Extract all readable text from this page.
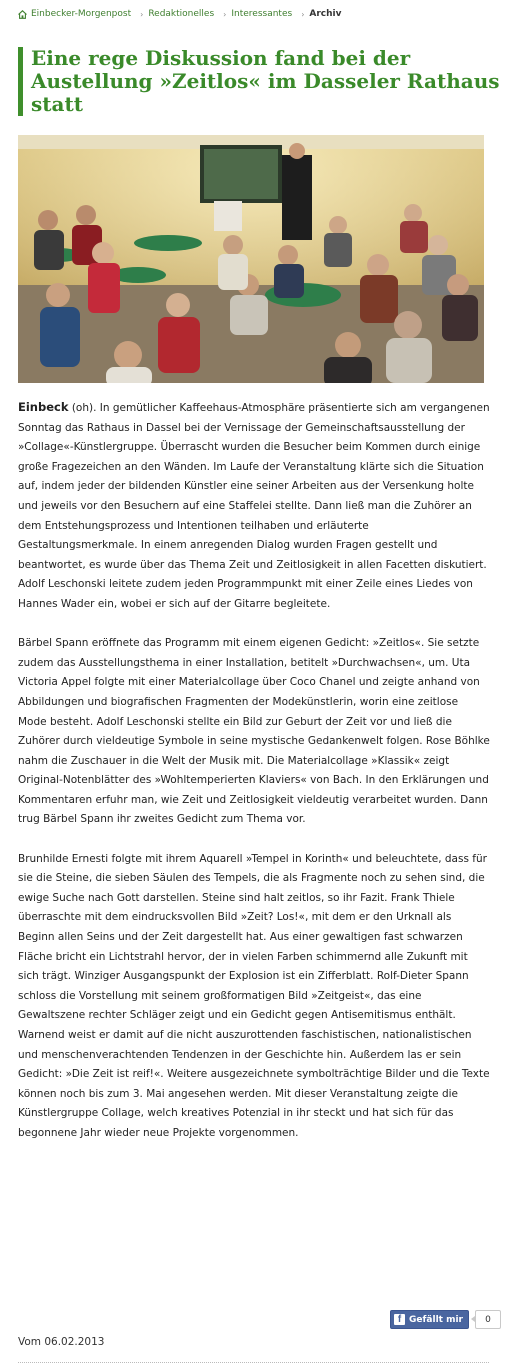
Einbecker-Morgenpost › Redaktionelles › Interessantes › Archiv
Eine rege Diskussion fand bei der Austellung »Zeitlos« im Dasseler Rathaus statt

Einbeck (oh). In gemütlicher Kaffeehaus-Atmosphäre präsentierte sich am vergangenen Sonntag das Rathaus in Dassel bei der Vernissage der Gemeinschaftsausstellung der »Collage«-Künstlergruppe. Überrascht wurden die Besucher beim Kommen durch einige große Fragezeichen an den Wänden. Im Laufe der Veranstaltung klärte sich die Situation auf, indem jeder der bildenden Künstler eine seiner Arbeiten aus der Versenkung holte und jeweils vor den Besuchern auf eine Staffelei stellte. Dann ließ man die Zuhörer an dem Entstehungsprozess und Intentionen teilhaben und erläuterte Gestaltungsmerkmale. In einem anregenden Dialog wurden Fragen gestellt und beantwortet, es wurde über das Thema Zeit und Zeitlosigkeit in allen Facetten diskutiert. Adolf Leschonski leitete zudem jeden Programmpunkt mit einer Zeile eines Liedes von Hannes Wader ein, wobei er sich auf der Gitarre begleitete.

Bärbel Spann eröffnete das Programm mit einem eigenen Gedicht: »Zeitlos«. Sie setzte zudem das Ausstellungsthema in einer Installation, betitelt »Durchwachsen«, um. Uta Victoria Appel folgte mit einer Materialcollage über Coco Chanel und zeigte anhand von Abbildungen und biografischen Fragmenten der Modekünstlerin, worin eine zeitlose Mode besteht. Adolf Leschonski stellte ein Bild zur Geburt der Zeit vor und ließ die Zuhörer durch vieldeutige Symbole in seine mystische Gedankenwelt folgen. Rose Böhlke nahm die Zuschauer in die Welt der Musik mit. Die Materialcollage »Klassik« zeigt Original-Notenblätter des »Wohltemperierten Klaviers« von Bach. In den Erklärungen und Kommentaren erfuhr man, wie Zeit und Zeitlosigkeit vieldeutig verarbeitet wurden. Dann trug Bärbel Spann ihr zweites Gedicht zum Thema vor.

Brunhilde Ernesti folgte mit ihrem Aquarell »Tempel in Korinth« und beleuchtete, dass für sie die Steine, die sieben Säulen des Tempels, die als Fragmente noch zu sehen sind, die ewige Suche nach Gott darstellen. Steine sind halt zeitlos, so ihr Fazit. Frank Thiele überraschte mit dem eindrucksvollen Bild »Zeit? Los!«, mit dem er den Urknall als Beginn allen Seins und der Zeit dargestellt hat. Aus einer gewaltigen fast schwarzen Fläche bricht ein Lichtstrahl hervor, der in vielen Farben schimmernd alle Zukunft mit sich trägt. Winziger Ausgangspunkt der Explosion ist ein Zifferblatt. Rolf-Dieter Spann schloss die Vorstellung mit seinem großformatigen Bild »Zeitgeist«, das eine Gewaltszene rechter Schläger zeigt und ein Gedicht gegen Antisemitismus enthält. Warnend weist er damit auf die nicht auszurottenden faschistischen, nationalistischen und menschenverachtenden Tendenzen in der Geschichte hin. Außerdem las er sein Gedicht: »Die Zeit ist reif!«. Weitere ausgezeichnete symbolträchtige Bilder und die Texte können noch bis zum 3. Mai angesehen werden. Mit dieser Veranstaltung zeigte die Künstlergruppe Collage, welch kreatives Potenzial in ihr steckt und hat sich für das begonnene Jahr wieder neue Projekte vorgenommen.

f Gefällt mir	0
Vom 06.02.2013
